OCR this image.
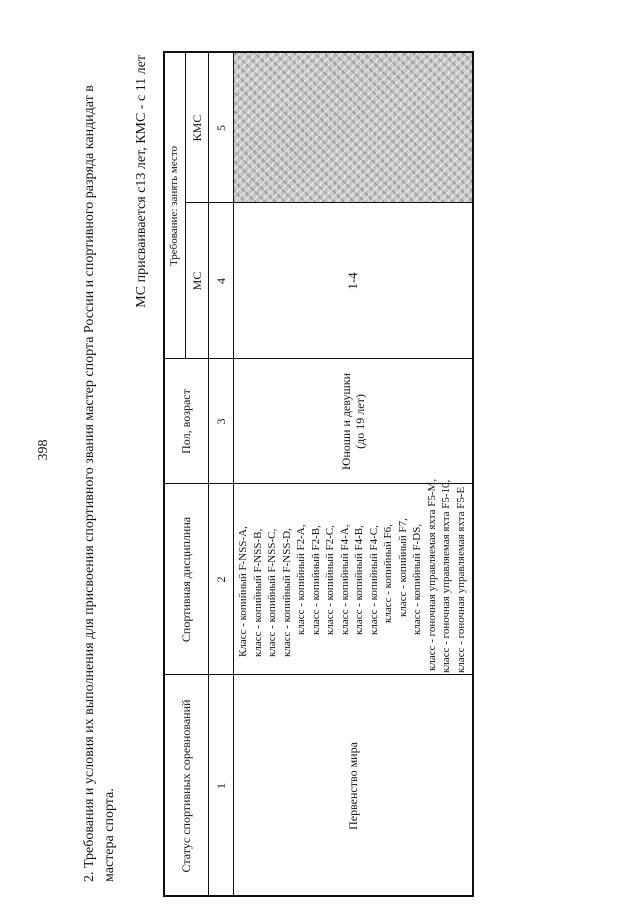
398 2. Требования и условия их выполнения для присвоения спортивного звания мастер спорта России и спортивного разряда кандидат в мастера спорта.
МС присваивается с13 лет, КМС - с 11 лет
Статус спортивных соревнований
Спортивная дисциплина
Пол, возраст
Требование: занять место
МС
КМС
1
2
3
4
5
Первенство мира
Класс - копийный F-NSS-A, класс - копийный F-NSS-B, класс - копийный F-NSS-C, класс - копийный F-NSS-D, класс - копийный F2-A, класс - копийный F2-B, класс - копийный F2-C, класс - копийный F4-A, класс - копийный F4-B, класс - копийный F4-C, класс - копийный F6, класс - копийный F7, класс - копийный F-DS, класс - гоночная управляемая яхта F5-M, класс - гоночная управляемая яхта F5-10, класс - гоночная управляемая яхта F5-E
Юноши и девушки (до 19 лет)
1-4
